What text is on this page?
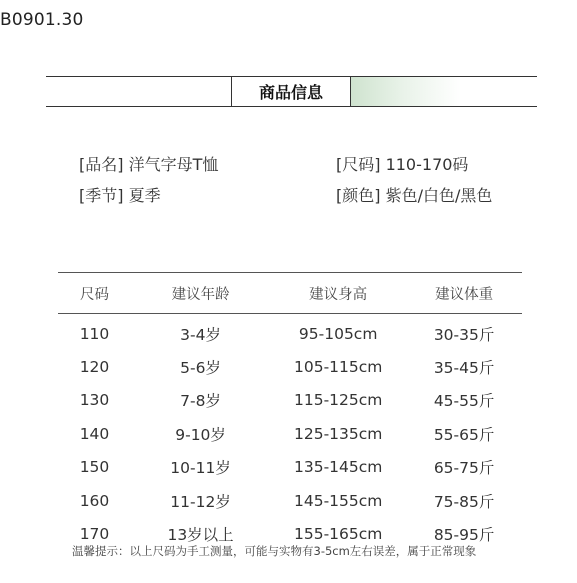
B0901.30
商品信息
[品名] 洋气字母T恤	[尺码] 110-170码
[季节] 夏季	[颜色] 紫色/白色/黑色
尺码	建议年龄	建议身高	建议体重
110	3-4岁	95-105cm	30-35斤
120	5-6岁	105-115cm	35-45斤
130	7-8岁	115-125cm	45-55斤
140	9-10岁	125-135cm	55-65斤
150	10-11岁	135-145cm	65-75斤
160	11-12岁	145-155cm	75-85斤
170	13岁以上	155-165cm	85-95斤
温馨提示：以上尺码为手工测量，可能与实物有3-5cm左右误差，属于正常现象
